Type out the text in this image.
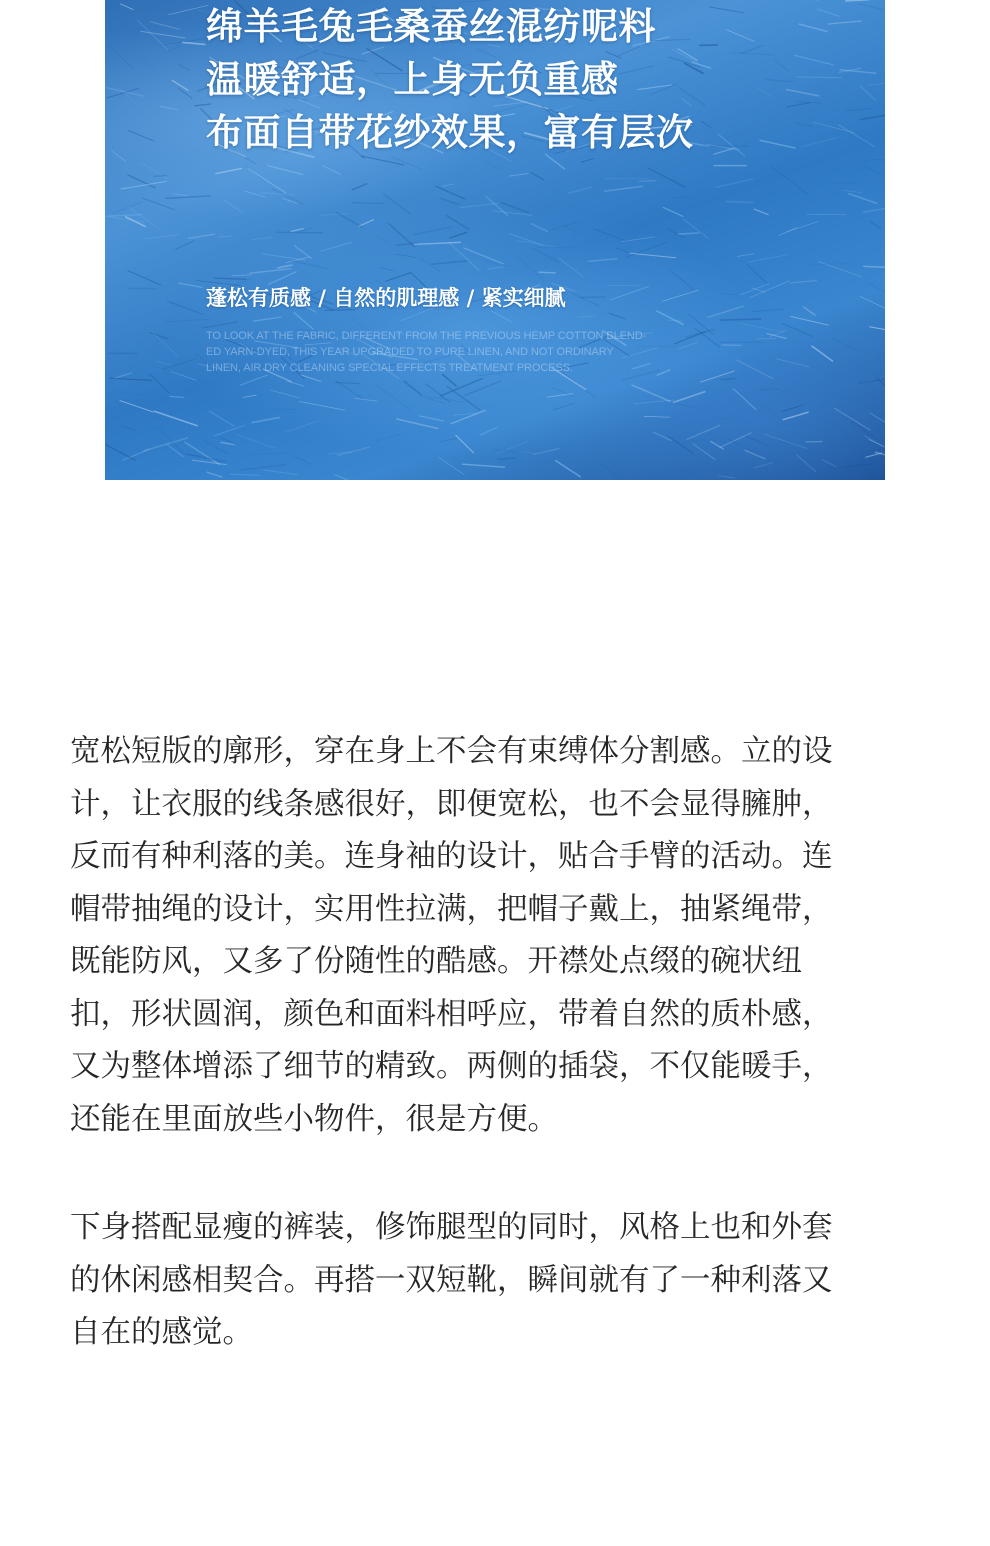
绵羊毛兔毛桑蚕丝混纺呢料
温暖舒适，上身无负重感
布面自带花纱效果，富有层次
蓬松有质感 / 自然的肌理感 / 紧实细腻
TO LOOK AT THE FABRIC, DIFFERENT FROM THE PREVIOUS HEMP COTTON BLEND-
ED YARN-DYED, THIS YEAR UPGRADED TO PURE LINEN, AND NOT ORDINARY
LINEN, AIR DRY CLEANING SPECIAL EFFECTS TREATMENT PROCESS.

宽松短版的廓形，穿在身上不会有束缚体分割感。立的设
计，让衣服的线条感很好，即便宽松，也不会显得臃肿，
反而有种利落的美。连身袖的设计，贴合手臂的活动。连
帽带抽绳的设计，实用性拉满，把帽子戴上，抽紧绳带，
既能防风，又多了份随性的酷感。开襟处点缀的碗状纽
扣，形状圆润，颜色和面料相呼应，带着自然的质朴感，
又为整体增添了细节的精致。两侧的插袋，不仅能暖手，
还能在里面放些小物件，很是方便。

下身搭配显瘦的裤装，修饰腿型的同时，风格上也和外套
的休闲感相契合。再搭一双短靴，瞬间就有了一种利落又
自在的感觉。
